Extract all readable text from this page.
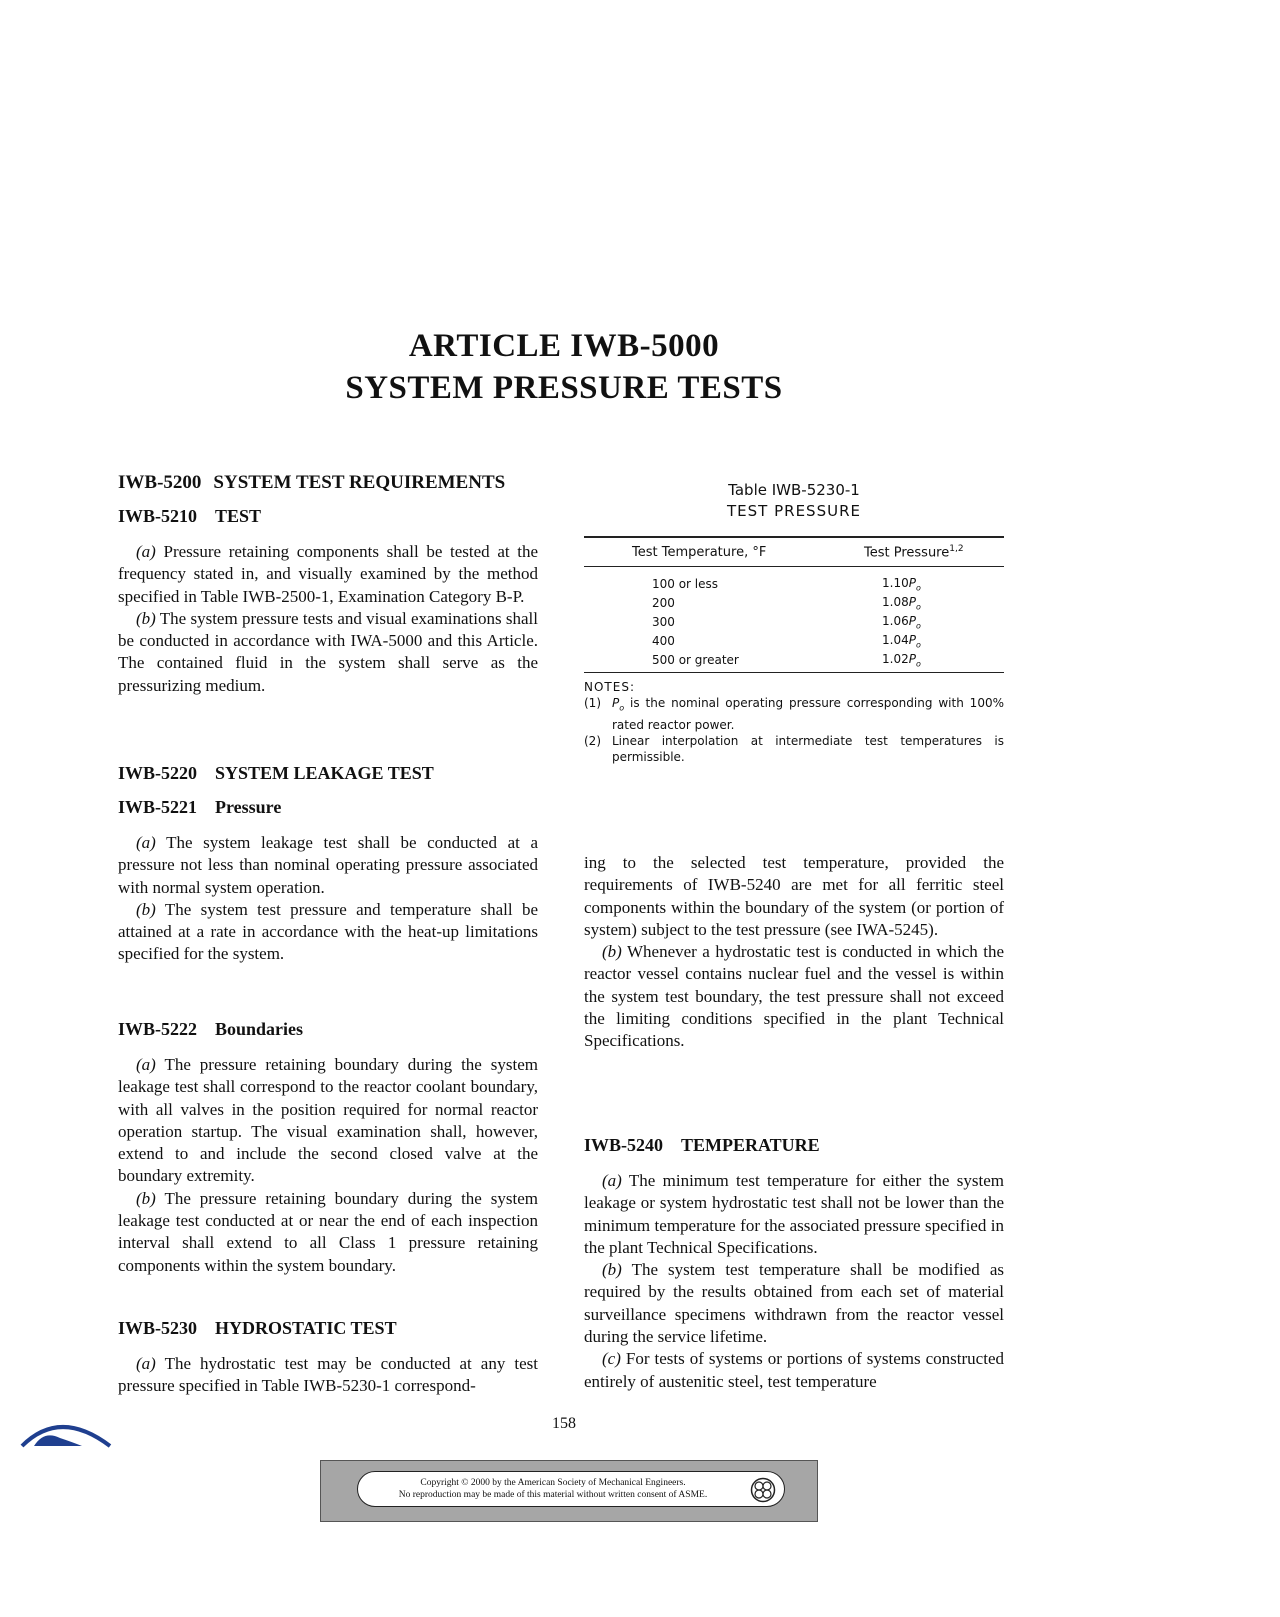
ARTICLE IWB-5000
SYSTEM PRESSURE TESTS

IWB-5200 SYSTEM TEST REQUIREMENTS

IWB-5210 TEST

(a) Pressure retaining components shall be tested at the frequency stated in, and visually examined by the method specified in Table IWB-2500-1, Examination Category B-P.

(b) The system pressure tests and visual examinations shall be conducted in accordance with IWA-5000 and this Article. The contained fluid in the system shall serve as the pressurizing medium.

IWB-5220 SYSTEM LEAKAGE TEST

IWB-5221 Pressure

(a) The system leakage test shall be conducted at a pressure not less than nominal operating pressure associated with normal system operation.

(b) The system test pressure and temperature shall be attained at a rate in accordance with the heat-up limitations specified for the system.

IWB-5222 Boundaries

(a) The pressure retaining boundary during the system leakage test shall correspond to the reactor coolant boundary, with all valves in the position required for normal reactor operation startup. The visual examination shall, however, extend to and include the second closed valve at the boundary extremity.

(b) The pressure retaining boundary during the system leakage test conducted at or near the end of each inspection interval shall extend to all Class 1 pressure retaining components within the system boundary.

IWB-5230 HYDROSTATIC TEST

(a) The hydrostatic test may be conducted at any test pressure specified in Table IWB-5230-1 correspond-

Table IWB-5230-1
TEST PRESSURE
Test Temperature, °F	Test Pressure$^{1,2}$
100 or less	$1.10P_o$
200	$1.08P_o$
300	$1.06P_o$
400	$1.04P_o$
500 or greater	$1.02P_o$
NOTES:
(1) $P_o$ is the nominal operating pressure corresponding with 100% rated reactor power.
(2) Linear interpolation at intermediate test temperatures is permissible.

ing to the selected test temperature, provided the requirements of IWB-5240 are met for all ferritic steel components within the boundary of the system (or portion of system) subject to the test pressure (see IWA-5245).

(b) Whenever a hydrostatic test is conducted in which the reactor vessel contains nuclear fuel and the vessel is within the system test boundary, the test pressure shall not exceed the limiting conditions specified in the plant Technical Specifications.

IWB-5240 TEMPERATURE

(a) The minimum test temperature for either the system leakage or system hydrostatic test shall not be lower than the minimum temperature for the associated pressure specified in the plant Technical Specifications.

(b) The system test temperature shall be modified as required by the results obtained from each set of material surveillance specimens withdrawn from the reactor vessel during the service lifetime.

(c) For tests of systems or portions of systems constructed entirely of austenitic steel, test temperature

158
Copyright © 2000 by the American Society of Mechanical Engineers.
No reproduction may be made of this material without written consent of ASME.
